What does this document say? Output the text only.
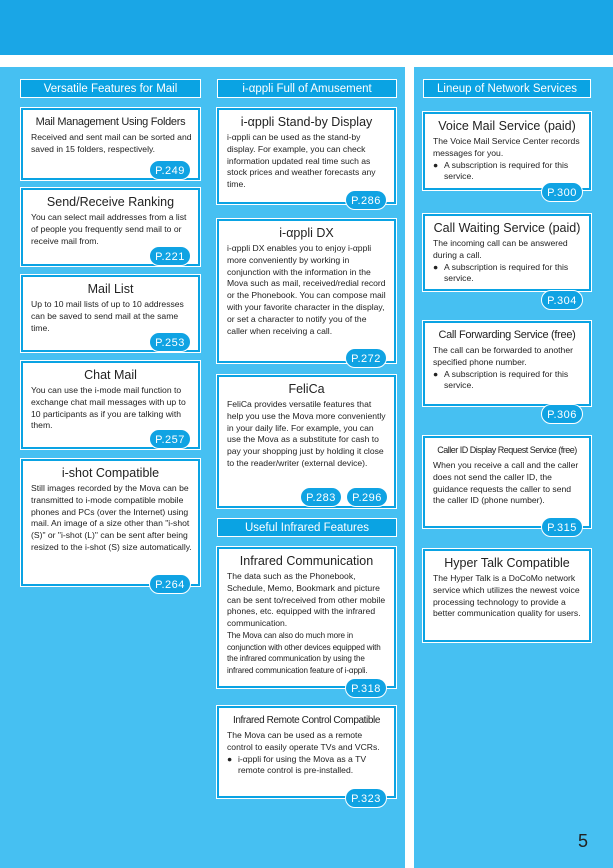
Versatile Features for Mail
Mail Management Using Folders
Received and sent mail can be sorted and saved in 15 folders, respectively.
P.249
Send/Receive Ranking
You can select mail addresses from a list of people you frequently send mail to or receive mail from.
P.221
Mail List
Up to 10 mail lists of up to 10 addresses can be saved to send mail at the same time.
P.253
Chat Mail
You can use the i-mode mail function to exchange chat mail messages with up to 10 participants as if you are talking with them.
P.257
i-shot Compatible
Still images recorded by the Mova can be transmitted to i-mode compatible mobile phones and PCs (over the Internet) using mail. An image of a size other than "i-shot (S)" or "i-shot (L)" can be sent after being resized to the i-shot (S) size automatically.
P.264
i-αppli Full of Amusement
i-αppli Stand-by Display
i-αppli can be used as the stand-by display. For example, you can check information updated real time such as stock prices and weather forecasts any time.
P.286
i-αppli DX
i-αppli DX enables you to enjoy i-αppli more conveniently by working in conjunction with the information in the Mova such as mail, received/redial record or the Phonebook. You can compose mail with your favorite character in the display, or set a character to notify you of the caller when receiving a call.
P.272
FeliCa
FeliCa provides versatile features that help you use the Mova more conveniently in your daily life. For example, you can use the Mova as a substitute for cash to pay your shopping just by holding it close to the reader/writer (external device).
P.283	P.296
Useful Infrared Features
Infrared Communication
The data such as the Phonebook, Schedule, Memo, Bookmark and picture can be sent to/received from other mobile phones, etc. equipped with the infrared communication.
The Mova can also do much more in conjunction with other devices equipped with the infrared communication by using the infrared communication feature of i-αppli.
P.318
Infrared Remote Control Compatible
The Mova can be used as a remote control to easily operate TVs and VCRs.
● i-αppli for using the Mova as a TV remote control is pre-installed.
P.323
Lineup of Network Services
Voice Mail Service (paid)
The Voice Mail Service Center records messages for you.
● A subscription is required for this service.
P.300
Call Waiting Service (paid)
The incoming call can be answered during a call.
● A subscription is required for this service.
P.304
Call Forwarding Service (free)
The call can be forwarded to another specified phone number.
● A subscription is required for this service.
P.306
Caller ID Display Request Service (free)
When you receive a call and the caller does not send the caller ID, the guidance requests the caller to send the caller ID (phone number).
P.315
Hyper Talk Compatible
The Hyper Talk is a DoCoMo network service which utilizes the newest voice processing technology to provide a better communication quality for users.
5
